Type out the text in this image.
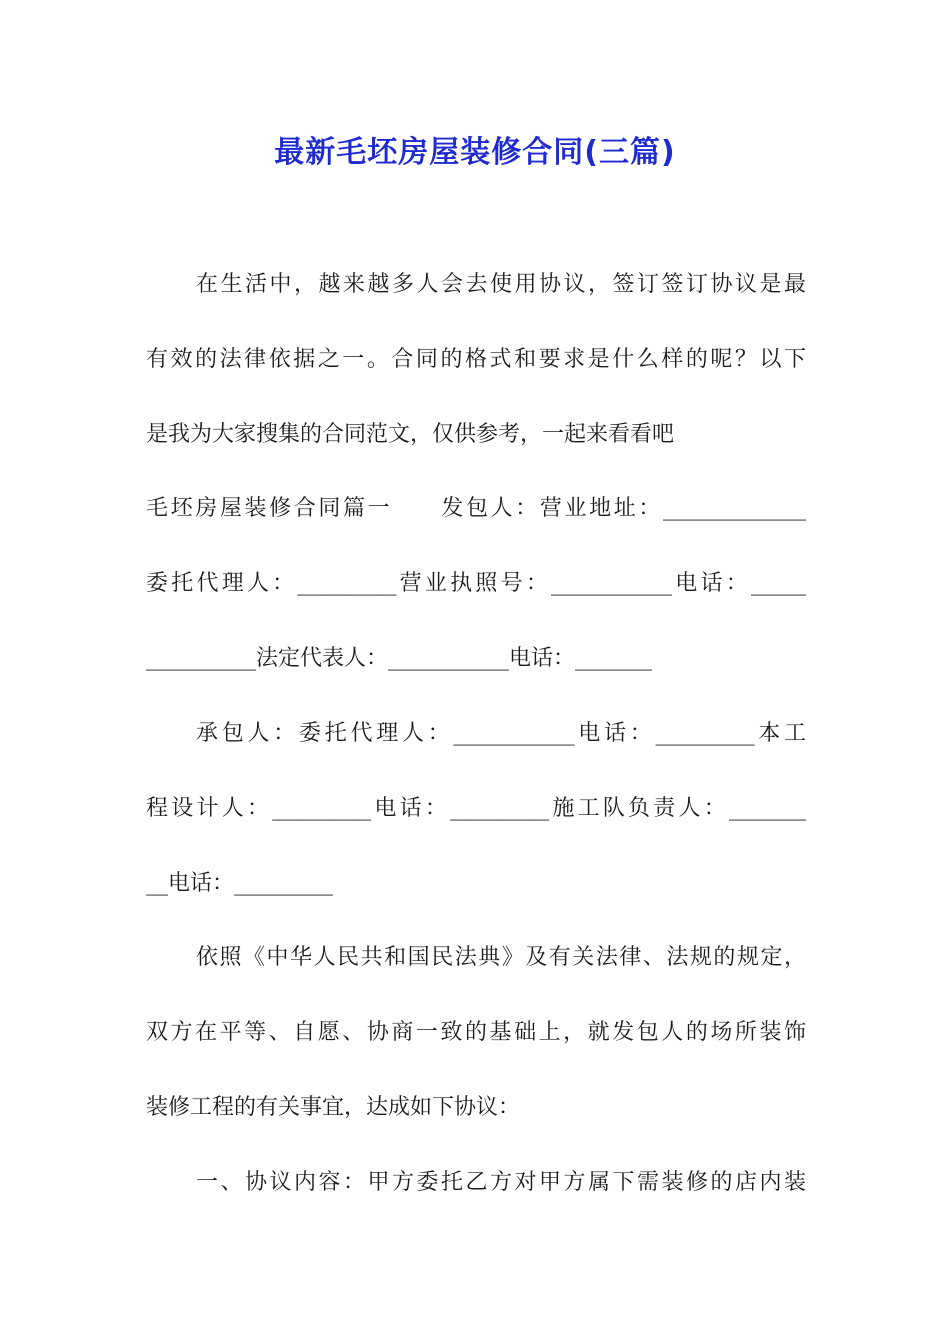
最新毛坯房屋装修合同(三篇)
在生活中，越来越多人会去使用协议，签订签订协议是最
有效的法律依据之一。合同的格式和要求是什么样的呢？以下
是我为大家搜集的合同范文，仅供参考，一起来看看吧
毛坯房屋装修合同篇一　　发包人：营业地址：_____________
委托代理人：_________营业执照号：___________电话：_____
__________法定代表人：___________电话：_______
承包人：委托代理人：___________电话：_________本工
程设计人：_________电话：_________施工队负责人：_______
__电话：_________
依照《中华人民共和国民法典》及有关法律、法规的规定，
双方在平等、自愿、协商一致的基础上，就发包人的场所装饰
装修工程的有关事宜，达成如下协议：
一、协议内容：甲方委托乙方对甲方属下需装修的店内装
